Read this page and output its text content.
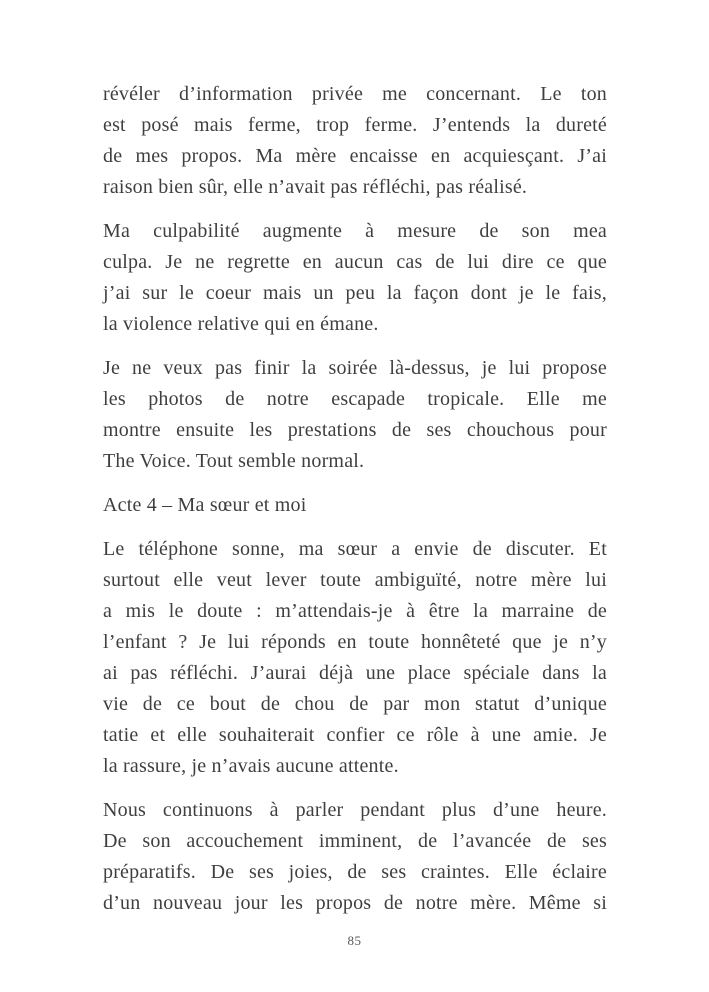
révéler d’information privée me concernant. Le ton
est posé mais ferme, trop ferme. J’entends la dureté
de mes propos. Ma mère encaisse en acquiesçant. J’ai
raison bien sûr, elle n’avait pas réfléchi, pas réalisé.
Ma culpabilité augmente à mesure de son mea
culpa. Je ne regrette en aucun cas de lui dire ce que
j’ai sur le coeur mais un peu la façon dont je le fais,
la violence relative qui en émane.
Je ne veux pas finir la soirée là-dessus, je lui propose
les photos de notre escapade tropicale. Elle me
montre ensuite les prestations de ses chouchous pour
The Voice. Tout semble normal.
Acte 4 – Ma sœur et moi
Le téléphone sonne, ma sœur a envie de discuter. Et
surtout elle veut lever toute ambiguïté, notre mère lui
a mis le doute : m’attendais-je à être la marraine de
l’enfant ? Je lui réponds en toute honnêteté que je n’y
ai pas réfléchi. J’aurai déjà une place spéciale dans la
vie de ce bout de chou de par mon statut d’unique
tatie et elle souhaiterait confier ce rôle à une amie. Je
la rassure, je n’avais aucune attente.
Nous continuons à parler pendant plus d’une heure.
De son accouchement imminent, de l’avancée de ses
préparatifs. De ses joies, de ses craintes. Elle éclaire
d’un nouveau jour les propos de notre mère. Même si
85
